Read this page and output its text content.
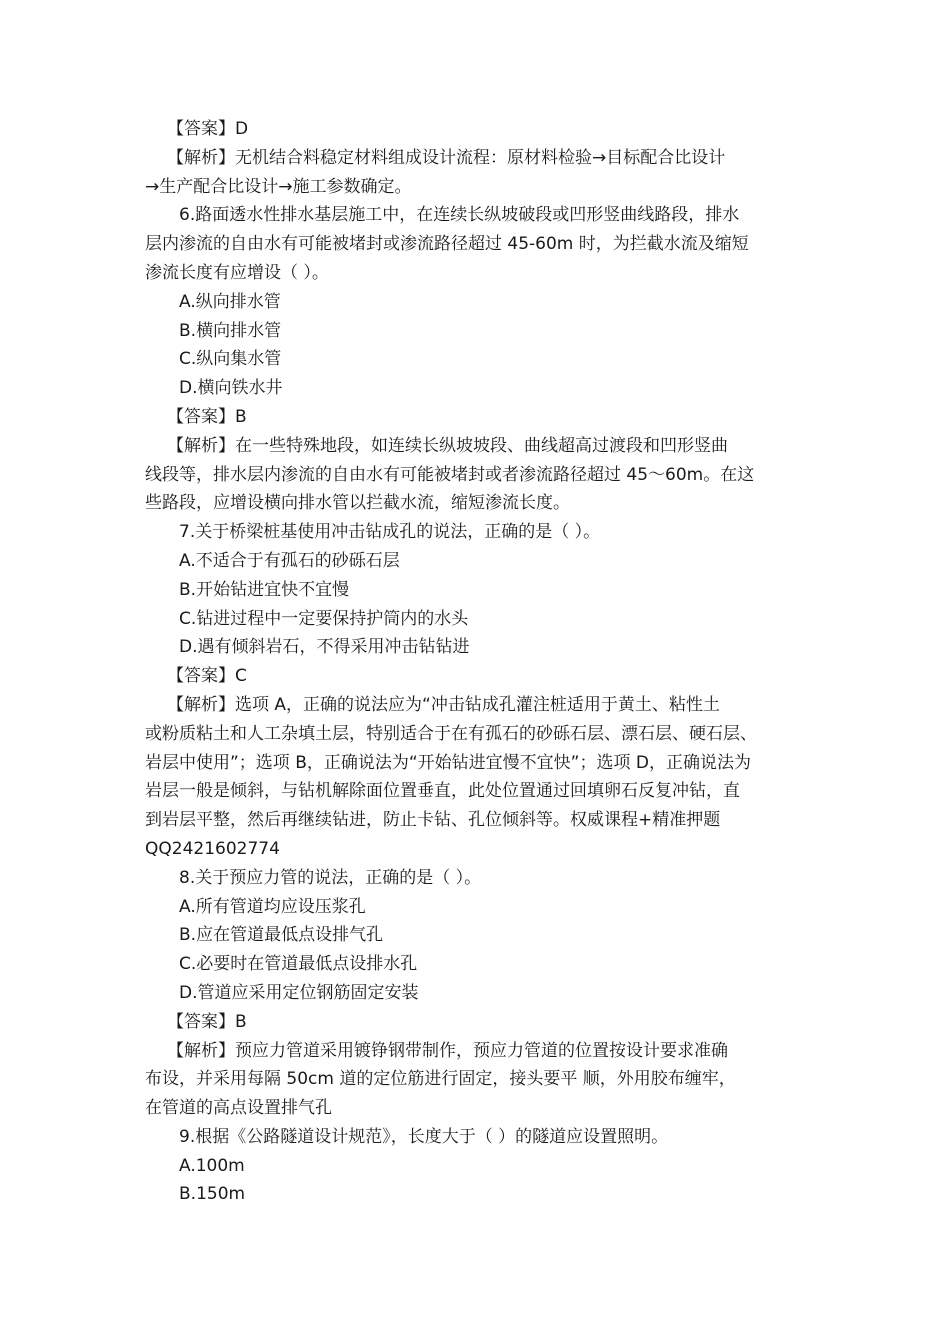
【答案】D
【解析】无机结合料稳定材料组成设计流程：原材料检验→目标配合比设计
→生产配合比设计→施工参数确定。
6.路面透水性排水基层施工中，在连续长纵坡破段或凹形竖曲线路段，排水
层内渗流的自由水有可能被堵封或渗流路径超过 45-60m 时，为拦截水流及缩短
渗流长度有应增设（ ）。
A.纵向排水管
B.横向排水管
C.纵向集水管
D.横向铁水井
【答案】B
【解析】在一些特殊地段，如连续长纵坡坡段、曲线超高过渡段和凹形竖曲
线段等，排水层内渗流的自由水有可能被堵封或者渗流路径超过 45～60m。在这
些路段，应增设横向排水管以拦截水流，缩短渗流长度。
7.关于桥梁桩基使用冲击钻成孔的说法，正确的是（ ）。
A.不适合于有孤石的砂砾石层
B.开始钻进宜快不宜慢
C.钻进过程中一定要保持护筒内的水头
D.遇有倾斜岩石，不得采用冲击钻钻进
【答案】C
【解析】选项 A，正确的说法应为“冲击钻成孔灌注桩适用于黄土、粘性土
或粉质粘土和人工杂填土层，特别适合于在有孤石的砂砾石层、漂石层、硬石层、
岩层中使用”；选项 B，正确说法为“开始钻进宜慢不宜快”；选项 D，正确说法为
岩层一般是倾斜，与钻机解除面位置垂直，此处位置通过回填卵石反复冲钻，直
到岩层平整，然后再继续钻进，防止卡钻、孔位倾斜等。权威课程+精准押题
QQ2421602774
8.关于预应力管的说法，正确的是（ ）。
A.所有管道均应设压浆孔
B.应在管道最低点设排气孔
C.必要时在管道最低点设排水孔
D.管道应采用定位钢筋固定安装
【答案】B
【解析】预应力管道采用镀铮钢带制作，预应力管道的位置按设计要求准确
布设，并采用每隔 50cm 道的定位筋进行固定，接头要平 顺，外用胶布缠牢，
在管道的高点设置排气孔
9.根据《公路隧道设计规范》，长度大于（ ）的隧道应设置照明。
A.100m
B.150m
